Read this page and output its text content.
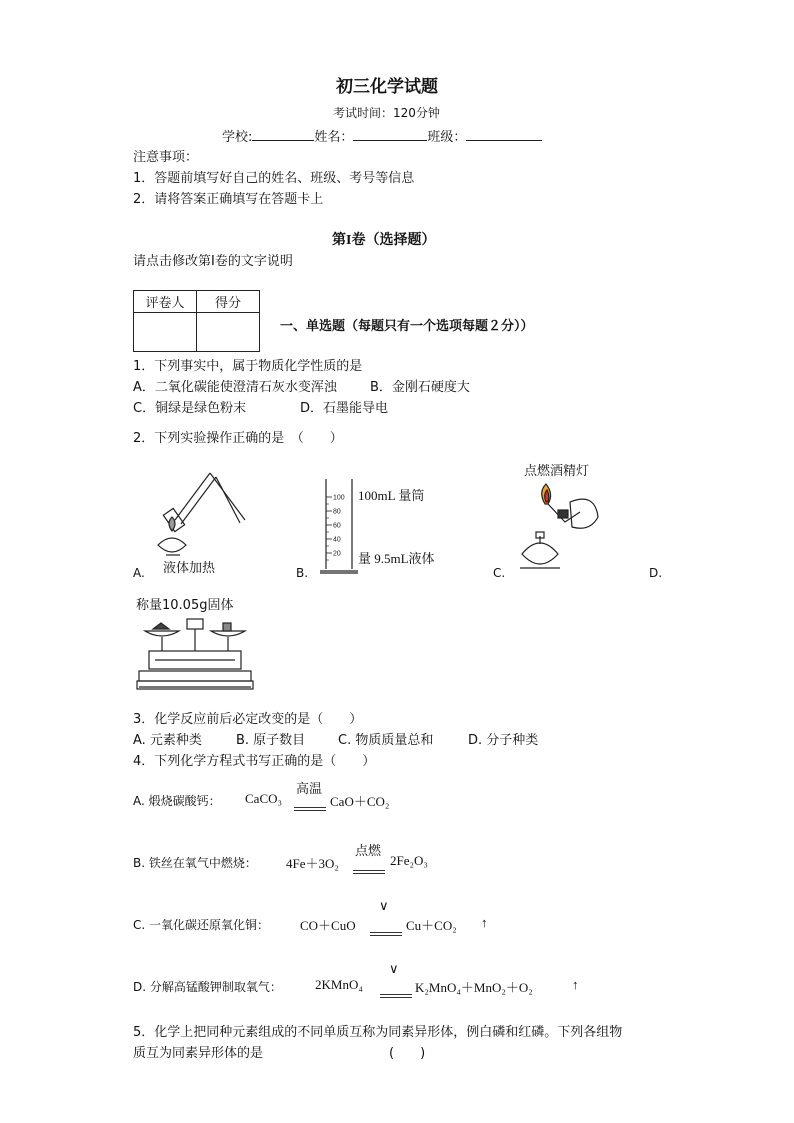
初三化学试题
考试时间：120分钟
学校:	姓名：	班级：
注意事项：
1．答题前填写好自己的姓名、班级、考号等信息
2．请将答案正确填写在答题卡上
第I卷（选择题）
请点击修改第I卷的文字说明
评卷人	得分

一、单选题（每题只有一个选项每题２分））
1．下列事实中，属于物质化学性质的是
A．二氧化碳能使澄清石灰水变浑浊	B．金刚石硬度大
C．铜绿是绿色粉末	D．石墨能导电
2．下列实验操作正确的是　（　　）
A. 液体加热
100
80
60
40
20
B.
100mL 量筒
量 9.5mL液体
点燃酒精灯
C.	D.
称量10.05g固体
3．化学反应前后必定改变的是（　　）
A. 元素种类	B. 原子数目	C. 物质质量总和	D. 分子种类
4．下列化学方程式书写正确的是（　　）
A. 煅烧碳酸钙： CaCO₃
高温
CaO＋CO₂
B. 铁丝在氧气中燃烧： 4Fe＋3O₂
点燃
2Fe₂O₃
C. 一氧化碳还原氧化铜： CO＋CuO
∨
Cu＋CO₂ ↑
D. 分解高锰酸钾制取氧气：	2KMnO₄
∨
K₂MnO₄＋MnO₂＋O₂	↑
5．化学上把同种元素组成的不同单质互称为同素异形体，例白磷和红磷。下列各组物
质互为同素异形体的是	(　　)
